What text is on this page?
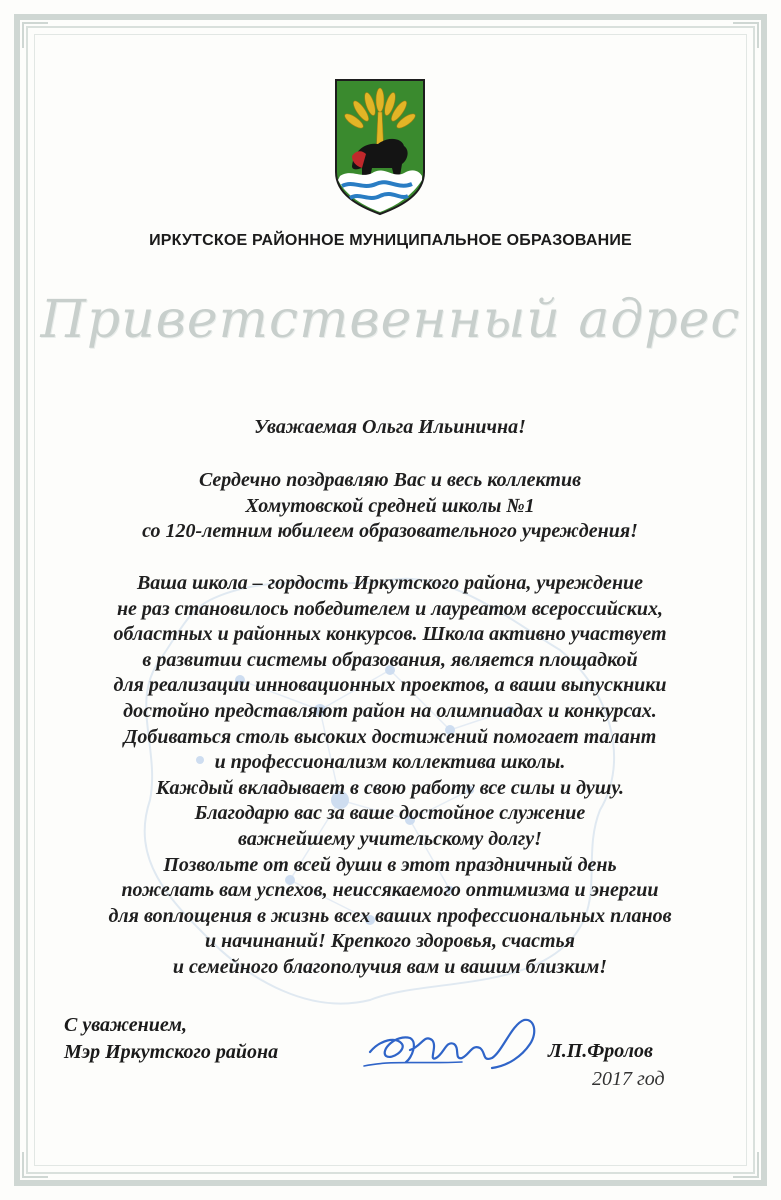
ИРКУТСКОЕ РАЙОННОЕ МУНИЦИПАЛЬНОЕ ОБРАЗОВАНИЕ
Приветственный адрес
Уважаемая Ольга Ильинична!
Сердечно поздравляю Вас и весь коллектив
Хомутовской средней школы №1
со 120-летним юбилеем образовательного учреждения!
Ваша школа – гордость Иркутского района, учреждение
не раз становилось победителем и лауреатом всероссийских,
областных и районных конкурсов. Школа активно участвует
в развитии системы образования, является площадкой
для реализации инновационных проектов, а ваши выпускники
достойно представляют район на олимпиадах и конкурсах.
Добиваться столь высоких достижений помогает талант
и профессионализм коллектива школы.
Каждый вкладывает в свою работу все силы и душу.
Благодарю вас за ваше достойное служение
важнейшему учительскому долгу!
Позвольте от всей души в этот праздничный день
пожелать вам успехов, неиссякаемого оптимизма и энергии
для воплощения в жизнь всех ваших профессиональных планов
и начинаний! Крепкого здоровья, счастья
и семейного благополучия вам и вашим близким!
С уважением,
Мэр Иркутского района	Л.П.Фролов
2017 год
